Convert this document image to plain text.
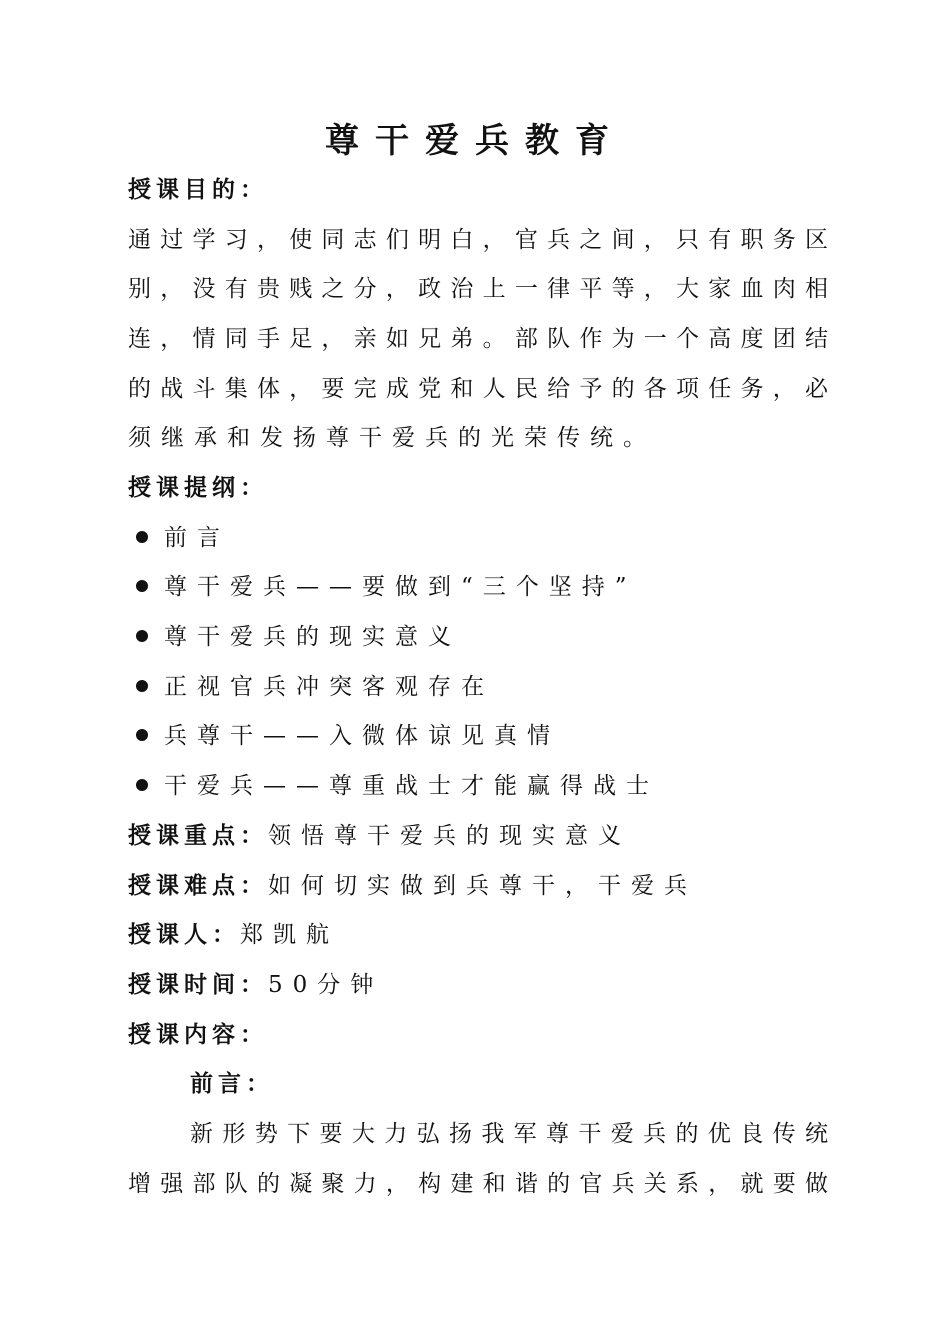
尊干爱兵教育
授课目的：
通过学习，使同志们明白，官兵之间，只有职务区
别，没有贵贱之分，政治上一律平等，大家血肉相
连，情同手足，亲如兄弟。部队作为一个高度团结
的战斗集体，要完成党和人民给予的各项任务，必
须继承和发扬尊干爱兵的光荣传统。
授课提纲：
前言
尊干爱兵——要做到“三个坚持”
尊干爱兵的现实意义
正视官兵冲突客观存在
兵尊干——入微体谅见真情
干爱兵——尊重战士才能赢得战士
授课重点：领悟尊干爱兵的现实意义
授课难点：如何切实做到兵尊干，干爱兵
授课人：郑凯航
授课时间：50分钟
授课内容：
前言：
新形势下要大力弘扬我军尊干爱兵的优良传统
增强部队的凝聚力，构建和谐的官兵关系，就要做
